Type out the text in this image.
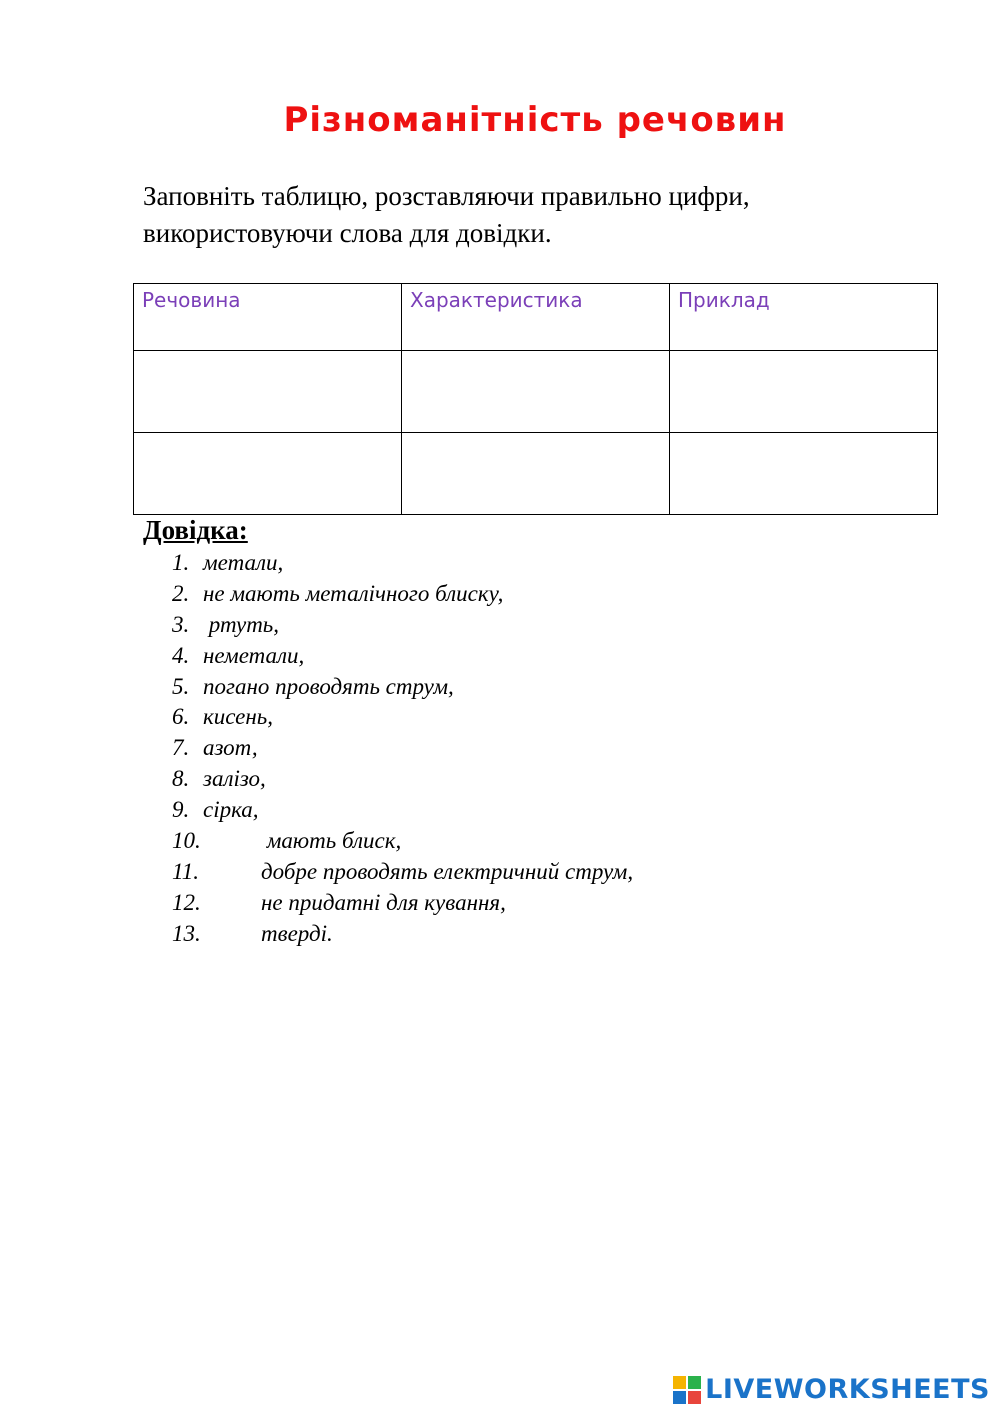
Різноманітність речовин

Заповніть таблицю, розставляючи правильно цифри, використовуючи слова для довідки.

Речовина	Характеристика	Приклад

Довідка:
1. метали,
2. не мають металічного блиску,
3. ртуть,
4. неметали,
5. погано проводять струм,
6. кисень,
7. азот,
8. залізо,
9. сірка,
10.	мають блиск,
11.	добре проводять електричний струм,
12.	не придатні для кування,
13.	тверді.
LIVEWORKSHEETS
